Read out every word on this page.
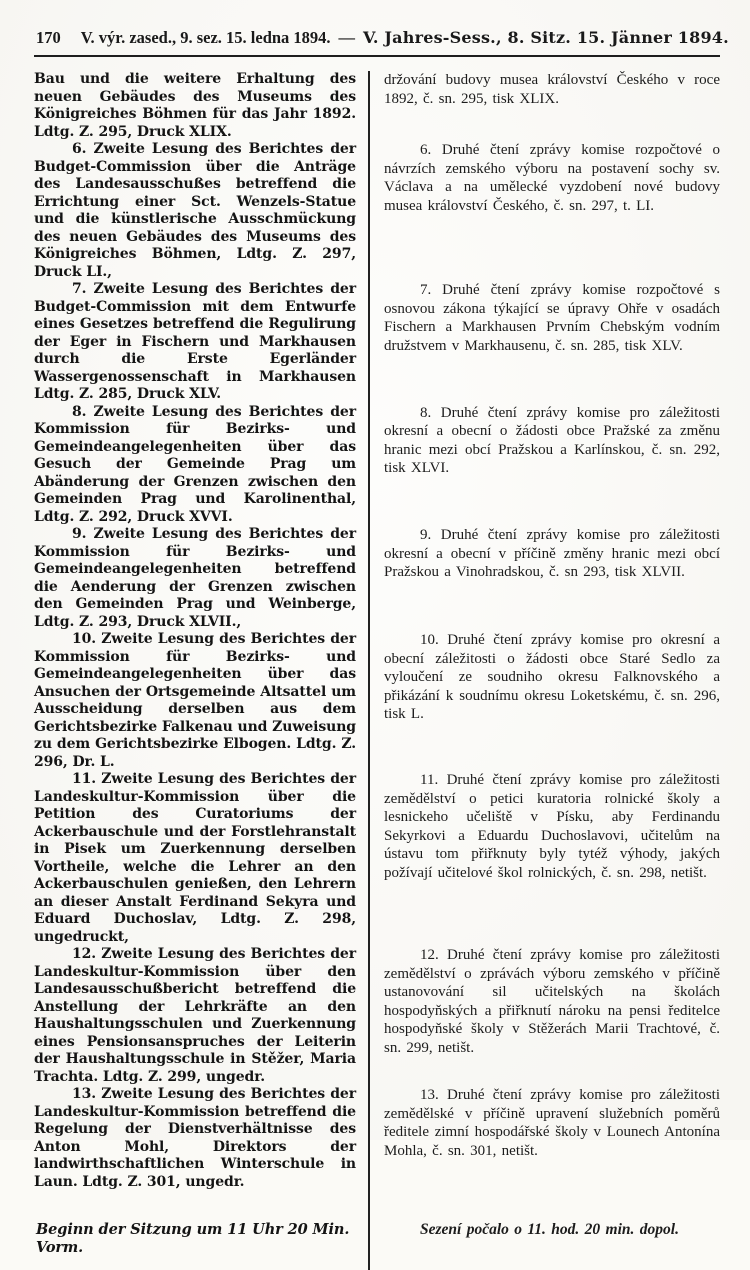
170 V. výr. zased., 9. sez. 15. ledna 1894. — V. Jahres-Sess., 8. Sitz. 15. Jänner 1894.

Bau und die weitere Erhaltung des neuen Gebäudes des Museums des Königreiches Böhmen für das Jahr 1892. Ldtg. Z. 295, Druck XLIX.

držování budovy musea království Českého v roce 1892, č. sn. 295, tisk XLIX.

6. Zweite Lesung des Berichtes der Budget-Commission über die Anträge des Landesausschußes betreffend die Errichtung einer Sct. Wenzels-Statue und die künstlerische Ausschmückung des neuen Gebäudes des Museums des Königreiches Böhmen, Ldtg. Z. 297, Druck LI.,

6. Druhé čtení zprávy komise rozpočtové o návrzích zemského výboru na postavení sochy sv. Václava a na umělecké vyzdobení nové budovy musea království Českého, č. sn. 297, t. LI.

7. Zweite Lesung des Berichtes der Budget-Commission mit dem Entwurfe eines Gesetzes betreffend die Regulirung der Eger in Fischern und Markhausen durch die Erste Egerländer Wassergenossenschaft in Markhausen Ldtg. Z. 285, Druck XLV.

7. Druhé čtení zprávy komise rozpočtové s osnovou zákona týkající se úpravy Ohře v osadách Fischern a Markhausen Prvním Chebským vodním družstvem v Markhausenu, č. sn. 285, tisk XLV.

8. Zweite Lesung des Berichtes der Kommission für Bezirks- und Gemeindeangelegenheiten über das Gesuch der Gemeinde Prag um Abänderung der Grenzen zwischen den Gemeinden Prag und Karolinenthal, Ldtg. Z. 292, Druck XVVI.

8. Druhé čtení zprávy komise pro záležitosti okresní a obecní o žádosti obce Pražské za změnu hranic mezi obcí Pražskou a Karlínskou, č. sn. 292, tisk XLVI.

9. Zweite Lesung des Berichtes der Kommission für Bezirks- und Gemeindeangelegenheiten betreffend die Aenderung der Grenzen zwischen den Gemeinden Prag und Weinberge, Ldtg. Z. 293, Druck XLVII.,

9. Druhé čtení zprávy komise pro záležitosti okresní a obecní v příčině změny hranic mezi obcí Pražskou a Vinohradskou, č. sn 293, tisk XLVII.

10. Zweite Lesung des Berichtes der Kommission für Bezirks- und Gemeindeangelegenheiten über das Ansuchen der Ortsgemeinde Altsattel um Ausscheidung derselben aus dem Gerichtsbezirke Falkenau und Zuweisung zu dem Gerichtsbezirke Elbogen. Ldtg. Z. 296, Dr. L.

10. Druhé čtení zprávy komise pro okresní a obecní záležitosti o žádosti obce Staré Sedlo za vyloučení ze soudniho okresu Falknovského a přikázání k soudnímu okresu Loketskému, č. sn. 296, tisk L.

11. Zweite Lesung des Berichtes der Landeskultur-Kommission über die Petition des Curatoriums der Ackerbauschule und der Forstlehranstalt in Pisek um Zuerkennung derselben Vortheile, welche die Lehrer an den Ackerbauschulen genießen, den Lehrern an dieser Anstalt Ferdinand Sekyra und Eduard Duchoslav, Ldtg. Z. 298, ungedruckt,

11. Druhé čtení zprávy komise pro záležitosti zemědělství o petici kuratoria rolnické školy a lesnickeho učeliště v Písku, aby Ferdinandu Sekyrkovi a Eduardu Duchoslavovi, učitelům na ústavu tom přiřknuty byly tytéž výhody, jakých požívají učitelové škol rolnických, č. sn. 298, netišt.

12. Zweite Lesung des Berichtes der Landeskultur-Kommission über den Landesausschußbericht betreffend die Anstellung der Lehrkräfte an den Haushaltungsschulen und Zuerkennung eines Pensionsanspruches der Leiterin der Haushaltungsschule in Stěžer, Maria Trachta. Ldtg. Z. 299, ungedr.

12. Druhé čtení zprávy komise pro záležitosti zemědělství o zprávách výboru zemského v příčině ustanovování sil učitelských na školách hospodyňských a přiřknutí nároku na pensi ředitelce hospodyňské školy v Stěžerách Marii Trachtové, č. sn. 299, netišt.

13. Zweite Lesung des Berichtes der Landeskultur-Kommission betreffend die Regelung der Dienstverhältnisse des Anton Mohl, Direktors der landwirthschaftlichen Winterschule in Laun. Ldtg. Z. 301, ungedr.

13. Druhé čtení zprávy komise pro záležitosti zemědělské v příčině upravení služebních poměrů ředitele zimní hospodářské školy v Lounech Antonína Mohla, č. sn. 301, netišt.

Beginn der Sitzung um 11 Uhr 20 Min. Vorm.

Sezení počalo o 11. hod. 20 min. dopol.
